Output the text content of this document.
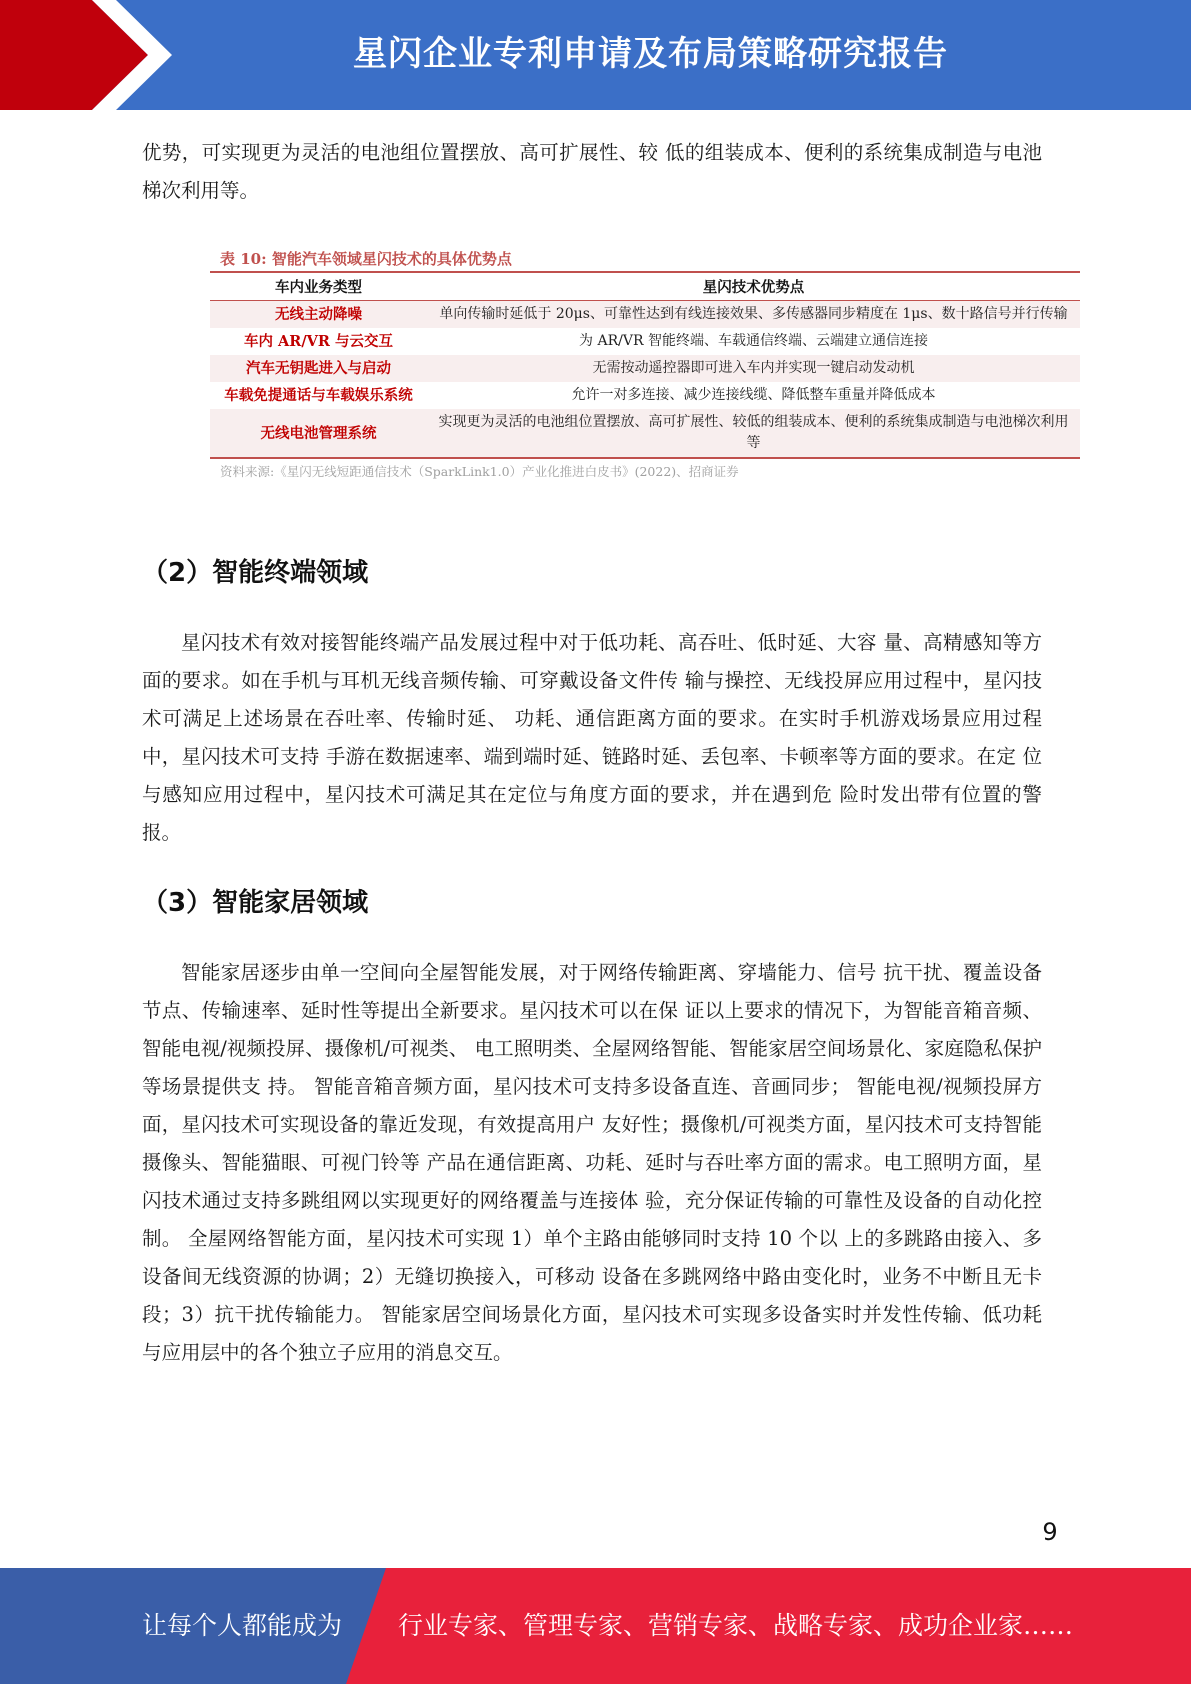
星闪企业专利申请及布局策略研究报告

优势，可实现更为灵活的电池组位置摆放、高可扩展性、较 低的组装成本、便利的系统集成制造与电池梯次利用等。

表 10: 智能汽车领域星闪技术的具体优势点
车内业务类型	星闪技术优势点
无线主动降噪	单向传输时延低于 20μs、可靠性达到有线连接效果、多传感器同步精度在 1μs、数十路信号并行传输
车内 AR/VR 与云交互	为 AR/VR 智能终端、车载通信终端、云端建立通信连接
汽车无钥匙进入与启动	无需按动遥控器即可进入车内并实现一键启动发动机
车载免提通话与车载娱乐系统	允许一对多连接、减少连接线缆、降低整车重量并降低成本
无线电池管理系统	实现更为灵活的电池组位置摆放、高可扩展性、较低的组装成本、便利的系统集成制造与电池梯次利用等
资料来源:《星闪无线短距通信技术（SparkLink1.0）产业化推进白皮书》(2022)、招商证券
（2）智能终端领域

星闪技术有效对接智能终端产品发展过程中对于低功耗、高吞吐、低时延、大容 量、高精感知等方面的要求。如在手机与耳机无线音频传输、可穿戴设备文件传 输与操控、无线投屏应用过程中，星闪技术可满足上述场景在吞吐率、传输时延、 功耗、通信距离方面的要求。在实时手机游戏场景应用过程中，星闪技术可支持 手游在数据速率、端到端时延、链路时延、丢包率、卡顿率等方面的要求。在定 位与感知应用过程中，星闪技术可满足其在定位与角度方面的要求，并在遇到危 险时发出带有位置的警报。

（3）智能家居领域

智能家居逐步由单一空间向全屋智能发展，对于网络传输距离、穿墙能力、信号 抗干扰、覆盖设备节点、传输速率、延时性等提出全新要求。星闪技术可以在保 证以上要求的情况下，为智能音箱音频、智能电视/视频投屏、摄像机/可视类、 电工照明类、全屋网络智能、智能家居空间场景化、家庭隐私保护等场景提供支 持。 智能音箱音频方面，星闪技术可支持多设备直连、音画同步； 智能电视/视频投屏方面，星闪技术可实现设备的靠近发现，有效提高用户 友好性；摄像机/可视类方面，星闪技术可支持智能摄像头、智能猫眼、可视门铃等 产品在通信距离、功耗、延时与吞吐率方面的需求。电工照明方面，星闪技术通过支持多跳组网以实现更好的网络覆盖与连接体 验，充分保证传输的可靠性及设备的自动化控制。 全屋网络智能方面，星闪技术可实现 1）单个主路由能够同时支持 10 个以 上的多跳路由接入、多设备间无线资源的协调；2）无缝切换接入，可移动 设备在多跳网络中路由变化时，业务不中断且无卡段；3）抗干扰传输能力。 智能家居空间场景化方面，星闪技术可实现多设备实时并发性传输、低功耗 与应用层中的各个独立子应用的消息交互。

9
让每个人都能成为 行业专家、管理专家、营销专家、战略专家、成功企业家……
